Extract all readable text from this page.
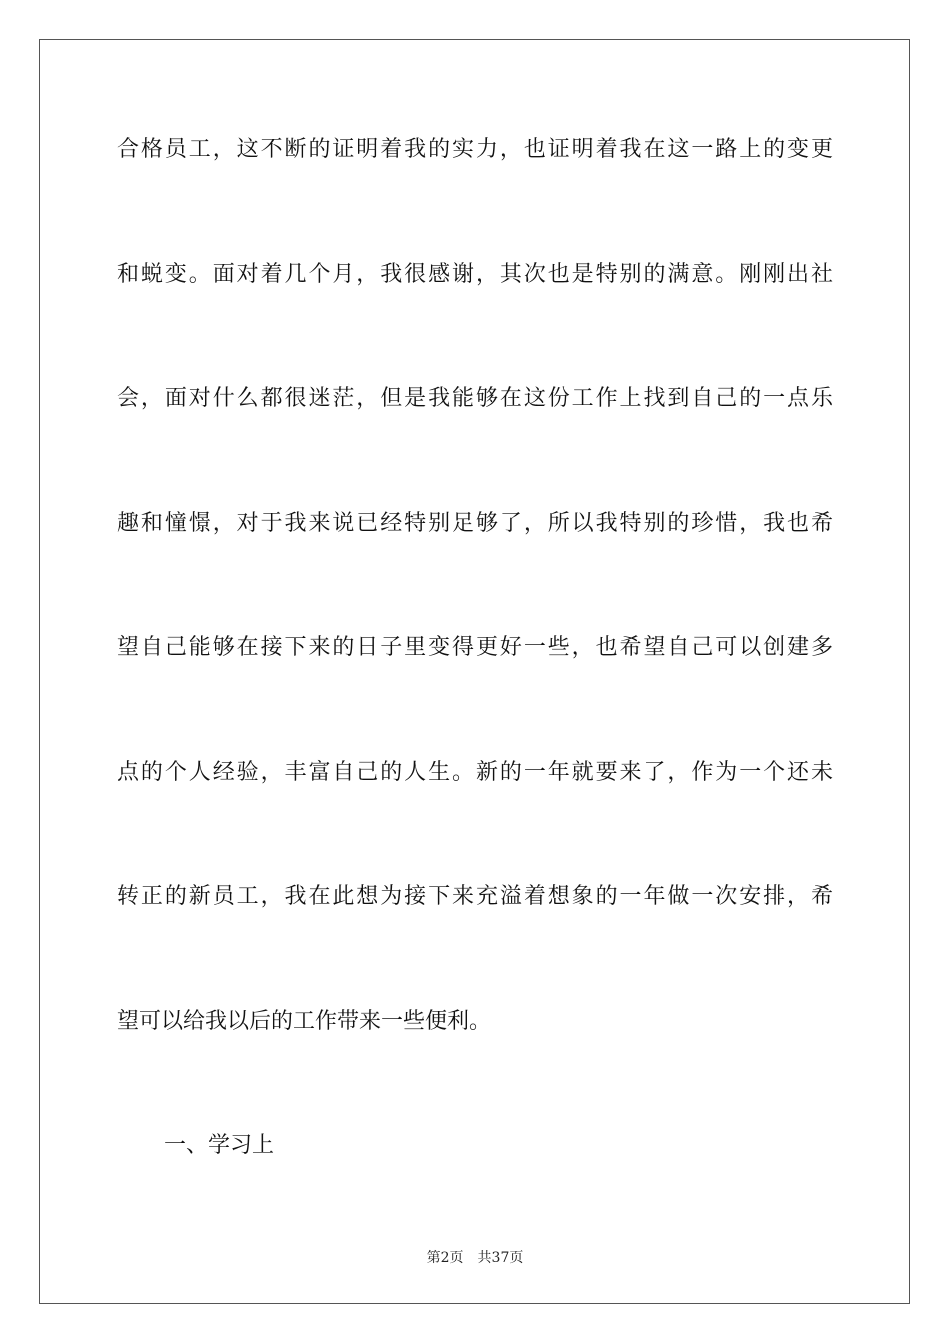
合格员工，这不断的证明着我的实力，也证明着我在这一路上的变更
和蜕变。面对着几个月，我很感谢，其次也是特别的满意。刚刚出社
会，面对什么都很迷茫，但是我能够在这份工作上找到自己的一点乐
趣和憧憬，对于我来说已经特别足够了，所以我特别的珍惜，我也希
望自己能够在接下来的日子里变得更好一些，也希望自己可以创建多
点的个人经验，丰富自己的人生。新的一年就要来了，作为一个还未
转正的新员工，我在此想为接下来充溢着想象的一年做一次安排，希
望可以给我以后的工作带来一些便利。
一、学习上
第2页 共37页
